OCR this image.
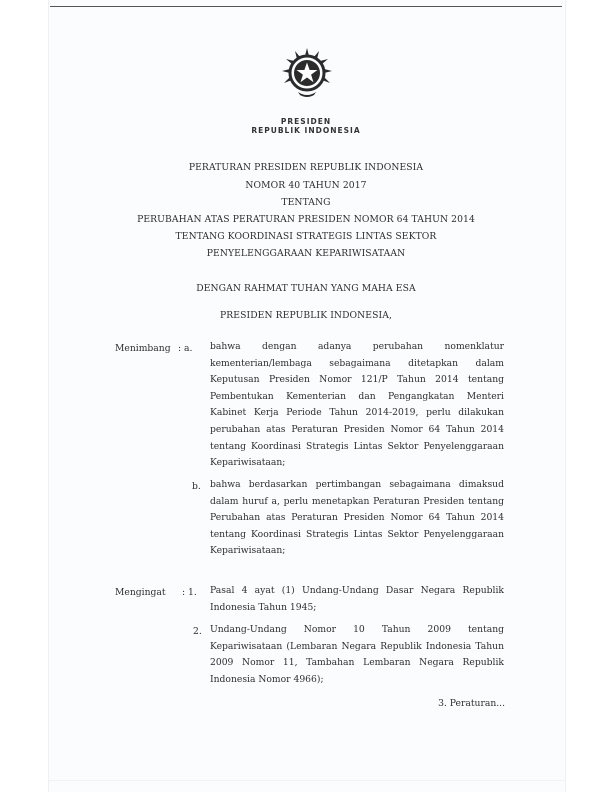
PRESIDEN
REPUBLIK INDONESIA
PERATURAN PRESIDEN REPUBLIK INDONESIA
NOMOR 40 TAHUN 2017
TENTANG
PERUBAHAN ATAS PERATURAN PRESIDEN NOMOR 64 TAHUN 2014
TENTANG KOORDINASI STRATEGIS LINTAS SEKTOR
PENYELENGGARAAN KEPARIWISATAAN
DENGAN RAHMAT TUHAN YANG MAHA ESA
PRESIDEN REPUBLIK INDONESIA,
Menimbang : a. bahwa dengan adanya perubahan nomenklatur kementerian/lembaga sebagaimana ditetapkan dalam Keputusan Presiden Nomor 121/P Tahun 2014 tentang Pembentukan Kementerian dan Pengangkatan Menteri Kabinet Kerja Periode Tahun 2014-2019, perlu dilakukan perubahan atas Peraturan Presiden Nomor 64 Tahun 2014 tentang Koordinasi Strategis Lintas Sektor Penyelenggaraan Kepariwisataan;
b. bahwa berdasarkan pertimbangan sebagaimana dimaksud dalam huruf a, perlu menetapkan Peraturan Presiden tentang Perubahan atas Peraturan Presiden Nomor 64 Tahun 2014 tentang Koordinasi Strategis Lintas Sektor Penyelenggaraan Kepariwisataan;
Mengingat : 1. Pasal 4 ayat (1) Undang-Undang Dasar Negara Republik Indonesia Tahun 1945;
2. Undang-Undang Nomor 10 Tahun 2009 tentang Kepariwisataan (Lembaran Negara Republik Indonesia Tahun 2009 Nomor 11, Tambahan Lembaran Negara Republik Indonesia Nomor 4966);
3. Peraturan...
